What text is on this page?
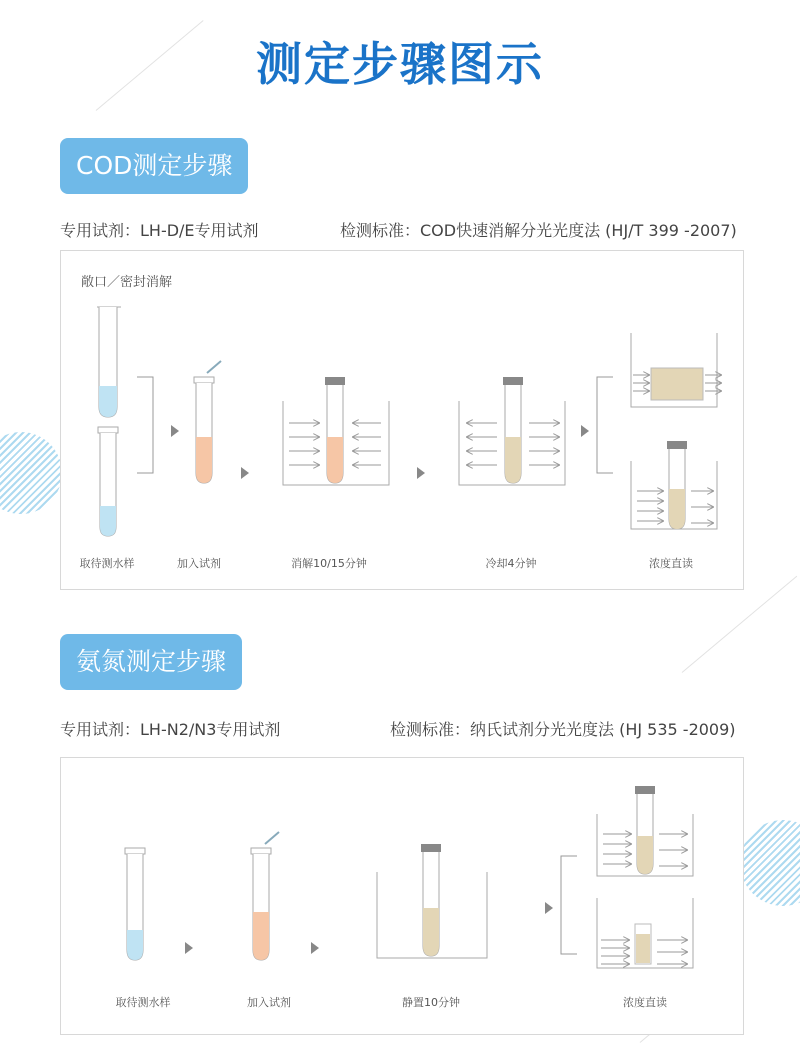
测定步骤图示
COD测定步骤
专用试剂：LH-D/E专用试剂	检测标准：COD快速消解分光光度法 (HJ/T 399 -2007)
敞口／密封消解
取待测水样	加入试剂	消解10/15分钟	冷却4分钟	浓度直读
氨氮测定步骤
专用试剂：LH-N2/N3专用试剂	检测标准：纳氏试剂分光光度法 (HJ 535 -2009)
取待测水样	加入试剂	静置10分钟	浓度直读
